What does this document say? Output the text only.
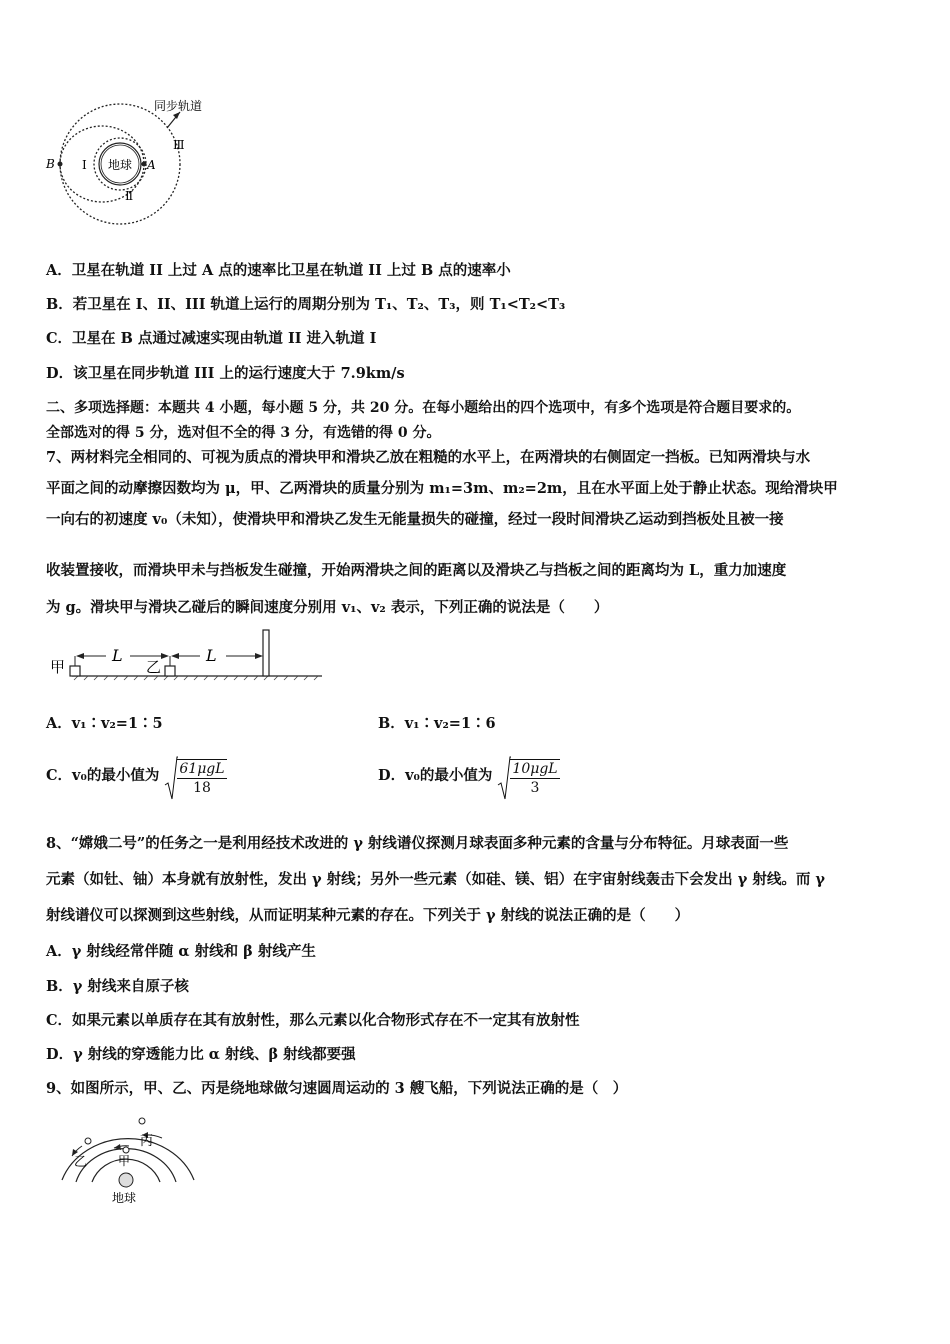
地球
B	A
Ⅰ
Ⅱ
Ⅲ
同步轨道
A．卫星在轨道 II 上过 A 点的速率比卫星在轨道 II 上过 B 点的速率小
B．若卫星在 I、II、III 轨道上运行的周期分别为 T₁、T₂、T₃，则 T₁<T₂<T₃
C．卫星在 B 点通过减速实现由轨道 II 进入轨道 I
D．该卫星在同步轨道 III 上的运行速度大于 7.9km/s
二、多项选择题：本题共 4 小题，每小题 5 分，共 20 分。在每小题给出的四个选项中，有多个选项是符合题目要求的。
全部选对的得 5 分，选对但不全的得 3 分，有选错的得 0 分。
7、两材料完全相同的、可视为质点的滑块甲和滑块乙放在粗糙的水平上，在两滑块的右侧固定一挡板。已知两滑块与水
平面之间的动摩擦因数均为 μ，甲、乙两滑块的质量分别为 m₁=3m、m₂=2m，且在水平面上处于静止状态。现给滑块甲
一向右的初速度 v₀（未知），使滑块甲和滑块乙发生无能量损失的碰撞，经过一段时间滑块乙运动到挡板处且被一接
收装置接收，而滑块甲未与挡板发生碰撞，开始两滑块之间的距离以及滑块乙与挡板之间的距离均为 L，重力加速度
为 g。滑块甲与滑块乙碰后的瞬间速度分别用 v₁、v₂ 表示，下列正确的说法是（　　）
L	L
甲	乙
A．v₁∶v₂=1∶5	B．v₁∶v₂=1∶6
C．v₀的最小值为 $\frac{\text{61μgL}}{18}$	D．v₀的最小值为 $\frac{\text{10μgL}}{3}$
8、“嫦娥二号”的任务之一是利用经技术改进的 γ 射线谱仪探测月球表面多种元素的含量与分布特征。月球表面一些
元素（如钍、铀）本身就有放射性，发出 γ 射线；另外一些元素（如硅、镁、铝）在宇宙射线轰击下会发出 γ 射线。而 γ
射线谱仪可以探测到这些射线，从而证明某种元素的存在。下列关于 γ 射线的说法正确的是（　　）
A．γ 射线经常伴随 α 射线和 β 射线产生
B．γ 射线来自原子核
C．如果元素以单质存在其有放射性，那么元素以化合物形式存在不一定其有放射性
D．γ 射线的穿透能力比 α 射线、β 射线都要强
9、如图所示，甲、乙、丙是绕地球做匀速圆周运动的 3 艘飞船，下列说法正确的是（　）
丙
乙	甲
地球
